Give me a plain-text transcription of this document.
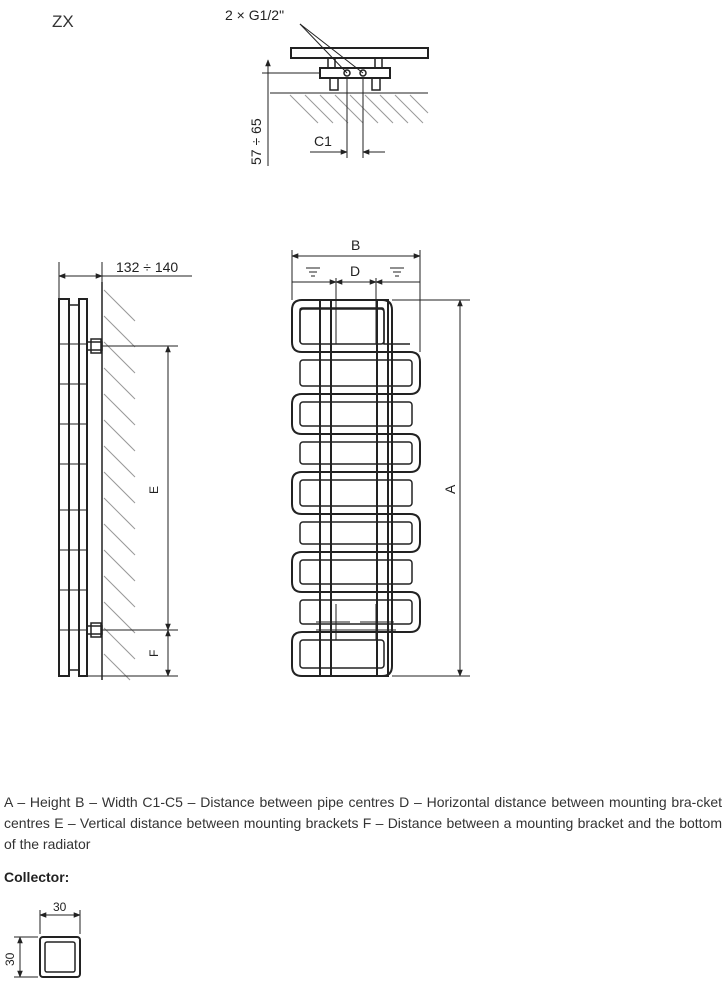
ZX	2 × G1/2"
57 ÷ 65	C1
132 ÷ 140
E
F
B
D
A
30
30
A – Height B – Width C1-C5 – Distance between pipe centres D – Horizontal distance between mounting bra-cket centres E – Vertical distance between mounting brackets F – Distance between a mounting bracket and the bottom of the radiator
Collector:
